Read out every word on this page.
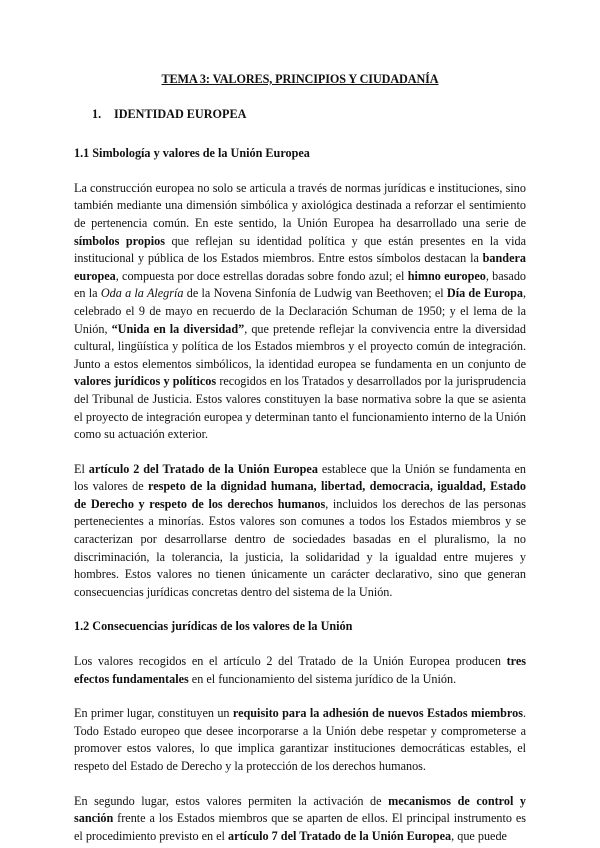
TEMA 3: VALORES, PRINCIPIOS Y CIUDADANÍA
1. IDENTIDAD EUROPEA
1.1 Simbología y valores de la Unión Europea

La construcción europea no solo se articula a través de normas jurídicas e instituciones, sino también mediante una dimensión simbólica y axiológica destinada a reforzar el sentimiento de pertenencia común. En este sentido, la Unión Europea ha desarrollado una serie de símbolos propios que reflejan su identidad política y que están presentes en la vida institucional y pública de los Estados miembros. Entre estos símbolos destacan la bandera europea, compuesta por doce estrellas doradas sobre fondo azul; el himno europeo, basado en la Oda a la Alegría de la Novena Sinfonía de Ludwig van Beethoven; el Día de Europa, celebrado el 9 de mayo en recuerdo de la Declaración Schuman de 1950; y el lema de la Unión, “Unida en la diversidad”, que pretende reflejar la convivencia entre la diversidad cultural, lingüística y política de los Estados miembros y el proyecto común de integración. Junto a estos elementos simbólicos, la identidad europea se fundamenta en un conjunto de valores jurídicos y políticos recogidos en los Tratados y desarrollados por la jurisprudencia del Tribunal de Justicia. Estos valores constituyen la base normativa sobre la que se asienta el proyecto de integración europea y determinan tanto el funcionamiento interno de la Unión como su actuación exterior.

El artículo 2 del Tratado de la Unión Europea establece que la Unión se fundamenta en los valores de respeto de la dignidad humana, libertad, democracia, igualdad, Estado de Derecho y respeto de los derechos humanos, incluidos los derechos de las personas pertenecientes a minorías. Estos valores son comunes a todos los Estados miembros y se caracterizan por desarrollarse dentro de sociedades basadas en el pluralismo, la no discriminación, la tolerancia, la justicia, la solidaridad y la igualdad entre mujeres y hombres. Estos valores no tienen únicamente un carácter declarativo, sino que generan consecuencias jurídicas concretas dentro del sistema de la Unión.

1.2 Consecuencias jurídicas de los valores de la Unión

Los valores recogidos en el artículo 2 del Tratado de la Unión Europea producen tres efectos fundamentales en el funcionamiento del sistema jurídico de la Unión.

En primer lugar, constituyen un requisito para la adhesión de nuevos Estados miembros. Todo Estado europeo que desee incorporarse a la Unión debe respetar y comprometerse a promover estos valores, lo que implica garantizar instituciones democráticas estables, el respeto del Estado de Derecho y la protección de los derechos humanos.

En segundo lugar, estos valores permiten la activación de mecanismos de control y sanción frente a los Estados miembros que se aparten de ellos. El principal instrumento es el procedimiento previsto en el artículo 7 del Tratado de la Unión Europea, que puede
